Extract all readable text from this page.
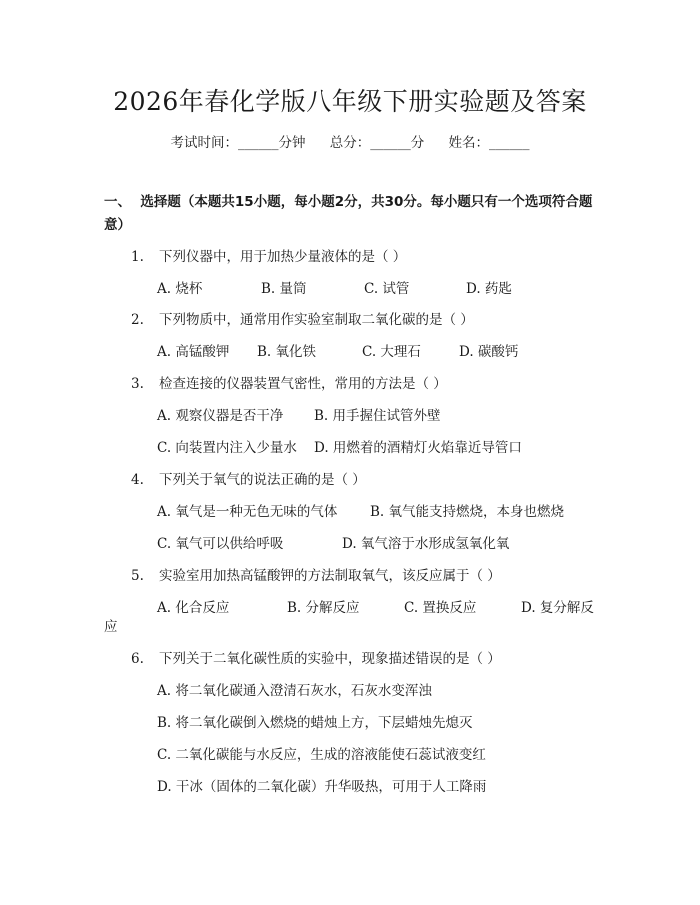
2026年春化学版八年级下册实验题及答案
考试时间：______分钟 总分：______分 姓名：______
一、 选择题（本题共15小题，每小题2分，共30分。每小题只有一个选项符合题意）
1. 下列仪器中，用于加热少量液体的是（ ）
A. 烧杯	B. 量筒	C. 试管	D. 药匙
2. 下列物质中，通常用作实验室制取二氧化碳的是（ ）
A. 高锰酸钾 B. 氧化铁	C. 大理石	D. 碳酸钙
3. 检查连接的仪器装置气密性，常用的方法是（ ）
A. 观察仪器是否干净 B. 用手握住试管外壁
C. 向装置内注入少量水 D. 用燃着的酒精灯火焰靠近导管口
4. 下列关于氧气的说法正确的是（ ）
A. 氧气是一种无色无味的气体 B. 氧气能支持燃烧，本身也燃烧
C. 氧气可以供给呼吸	D. 氧气溶于水形成氢氧化氧
5. 实验室用加热高锰酸钾的方法制取氧气，该反应属于（ ）
A. 化合反应	B. 分解反应	C. 置换反应	D. 复分解反
应
6. 下列关于二氧化碳性质的实验中，现象描述错误的是（ ）
A. 将二氧化碳通入澄清石灰水，石灰水变浑浊
B. 将二氧化碳倒入燃烧的蜡烛上方，下层蜡烛先熄灭
C. 二氧化碳能与水反应，生成的溶液能使石蕊试液变红
D. 干冰（固体的二氧化碳）升华吸热，可用于人工降雨
